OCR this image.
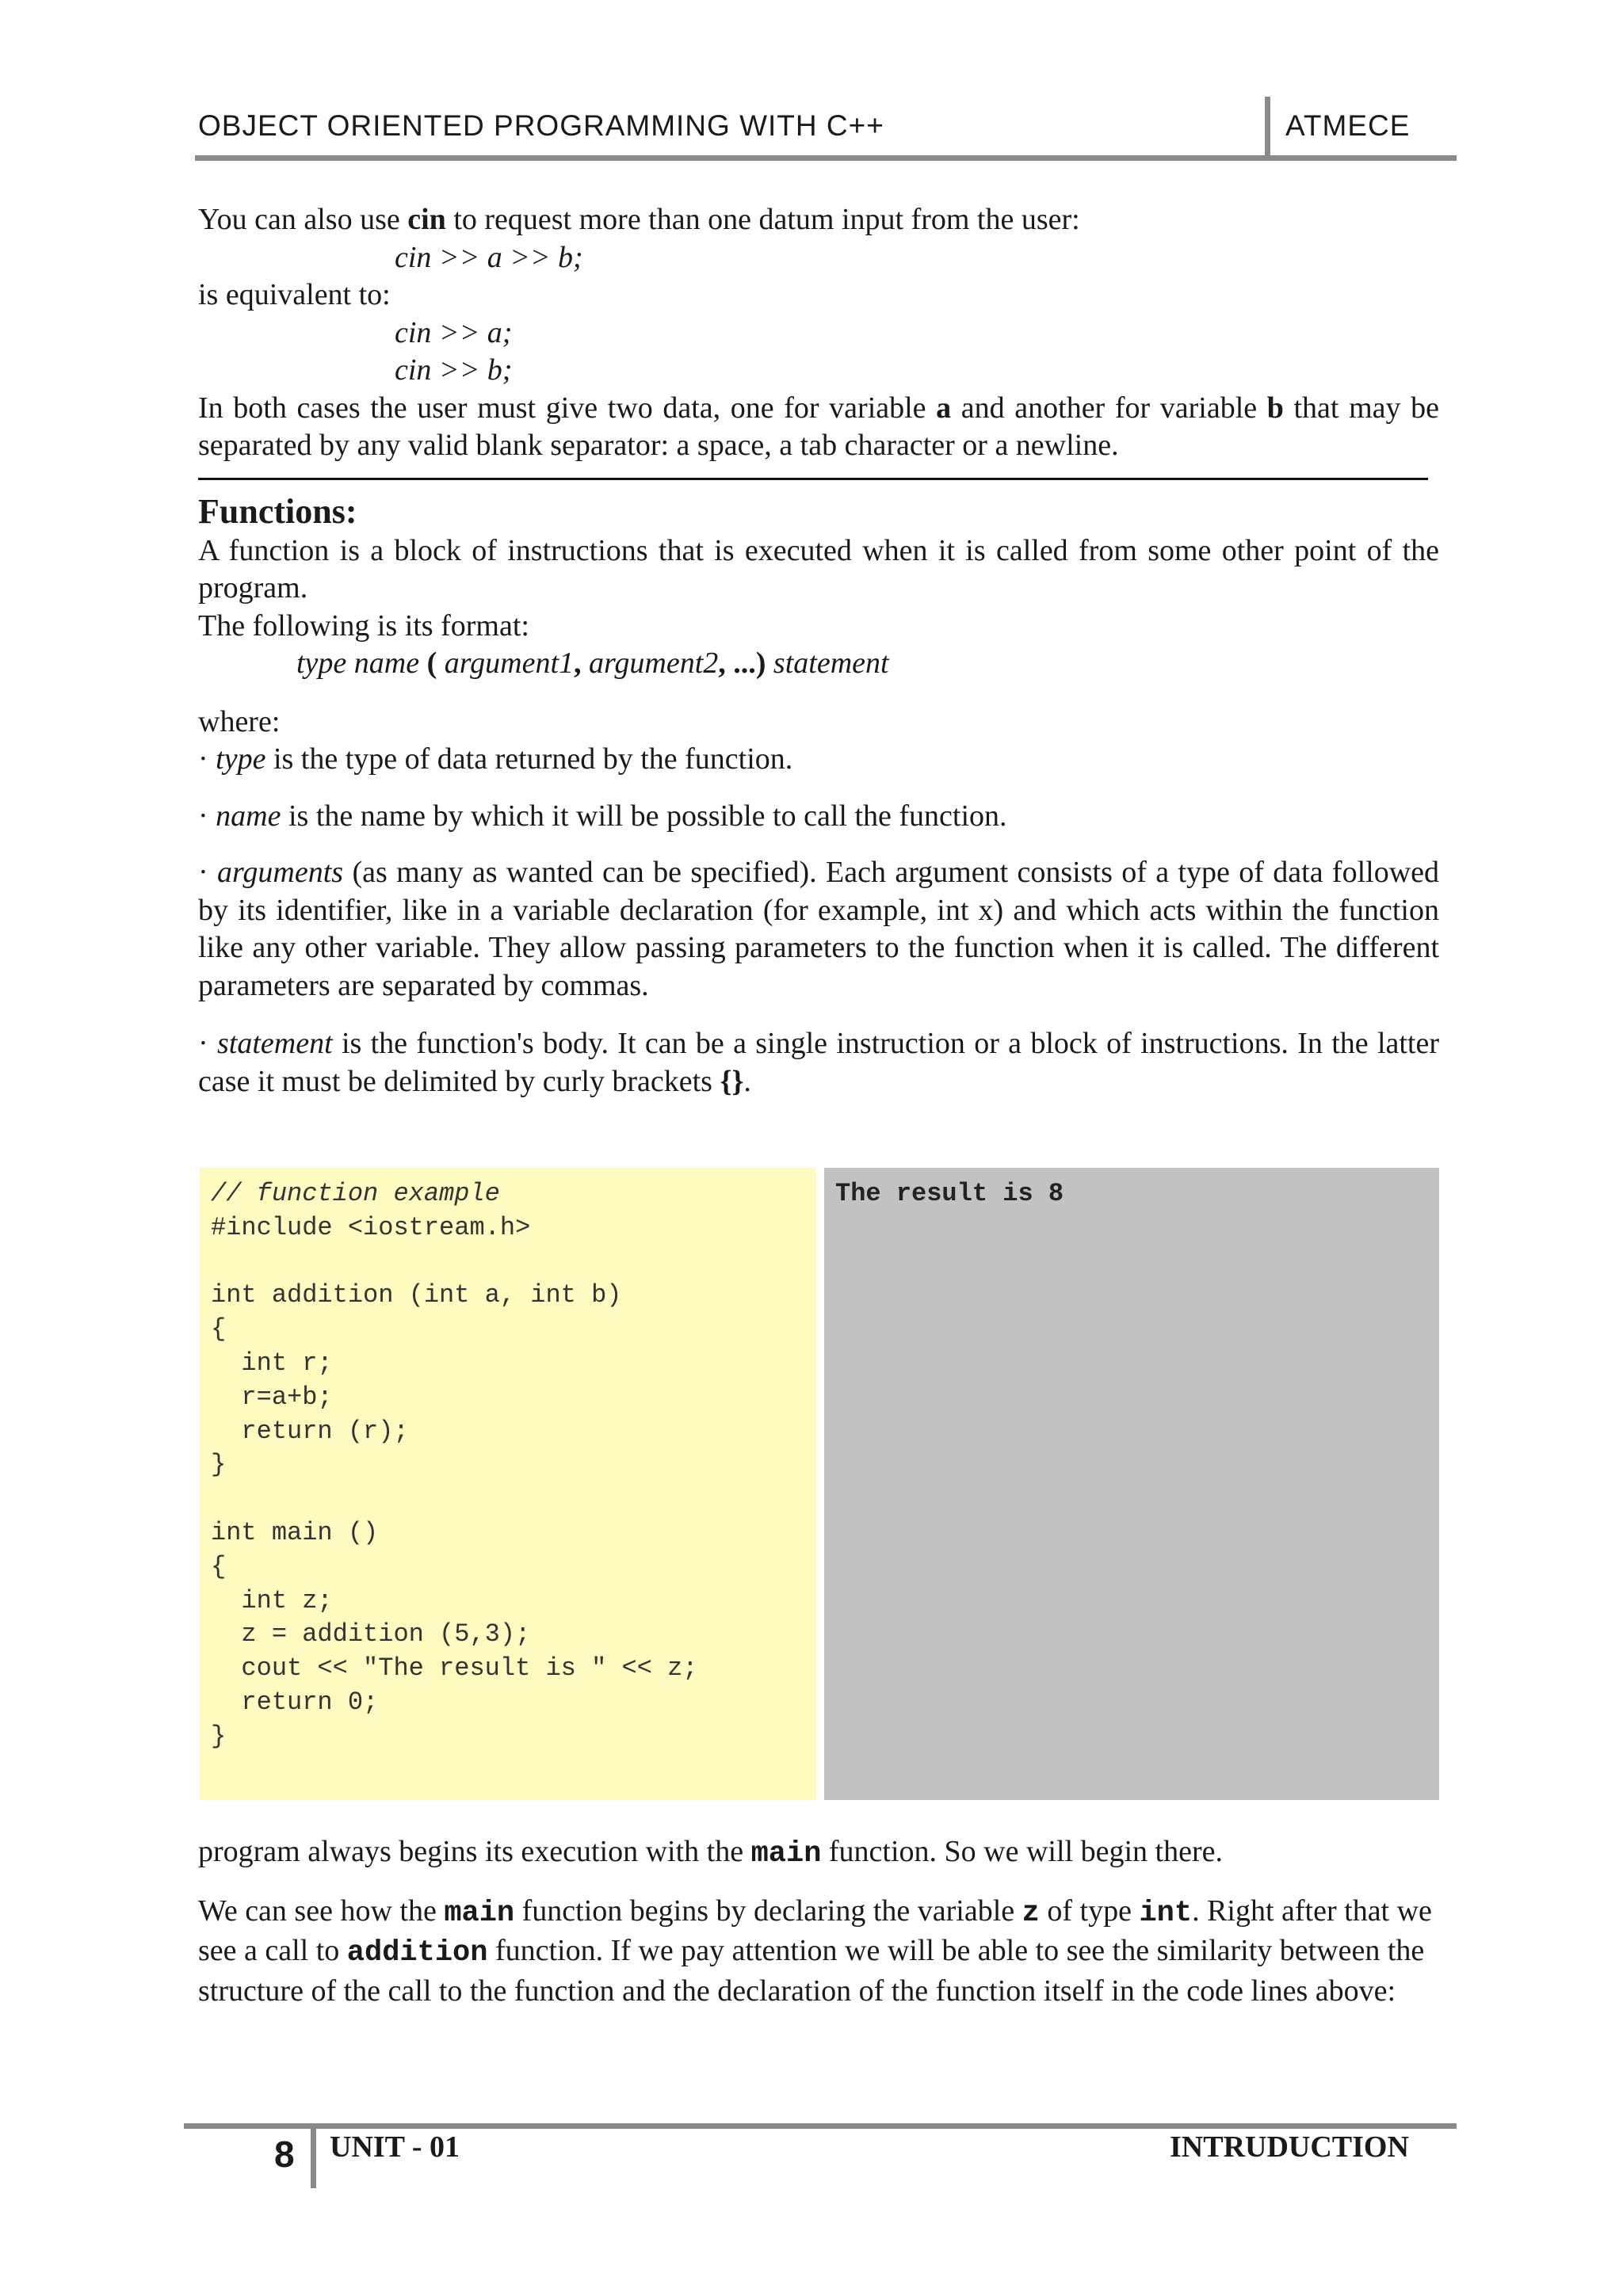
OBJECT ORIENTED PROGRAMMING WITH C++	ATMECE

You can also use cin to request more than one datum input from the user:

cin >> a >> b;

is equivalent to:

cin >> a;

cin >> b;

In both cases the user must give two data, one for variable a and another for variable b that may be separated by any valid blank separator: a space, a tab character or a newline.

Functions:

A function is a block of instructions that is executed when it is called from some other point of the program.

The following is its format:

type name ( argument1, argument2, ...) statement

where:

· type is the type of data returned by the function.

· name is the name by which it will be possible to call the function.

· arguments (as many as wanted can be specified). Each argument consists of a type of data followed by its identifier, like in a variable declaration (for example, int x) and which acts within the function like any other variable. They allow passing parameters to the function when it is called. The different parameters are separated by commas.

· statement is the function's body. It can be a single instruction or a block of instructions. In the latter case it must be delimited by curly brackets {}.

// function example
#include <iostream.h>

int addition (int a, int b)
{
int r;
r=a+b;
return (r);
}

int main ()
{
int z;
z = addition (5,3);
cout << "The result is " << z;
return 0;
}
The result is 8

program always begins its execution with the main function. So we will begin there.

We can see how the main function begins by declaring the variable z of type int. Right after that we see a call to addition function. If we pay attention we will be able to see the similarity between the structure of the call to the function and the declaration of the function itself in the code lines above:

8 UNIT - 01	INTRUDUCTION
